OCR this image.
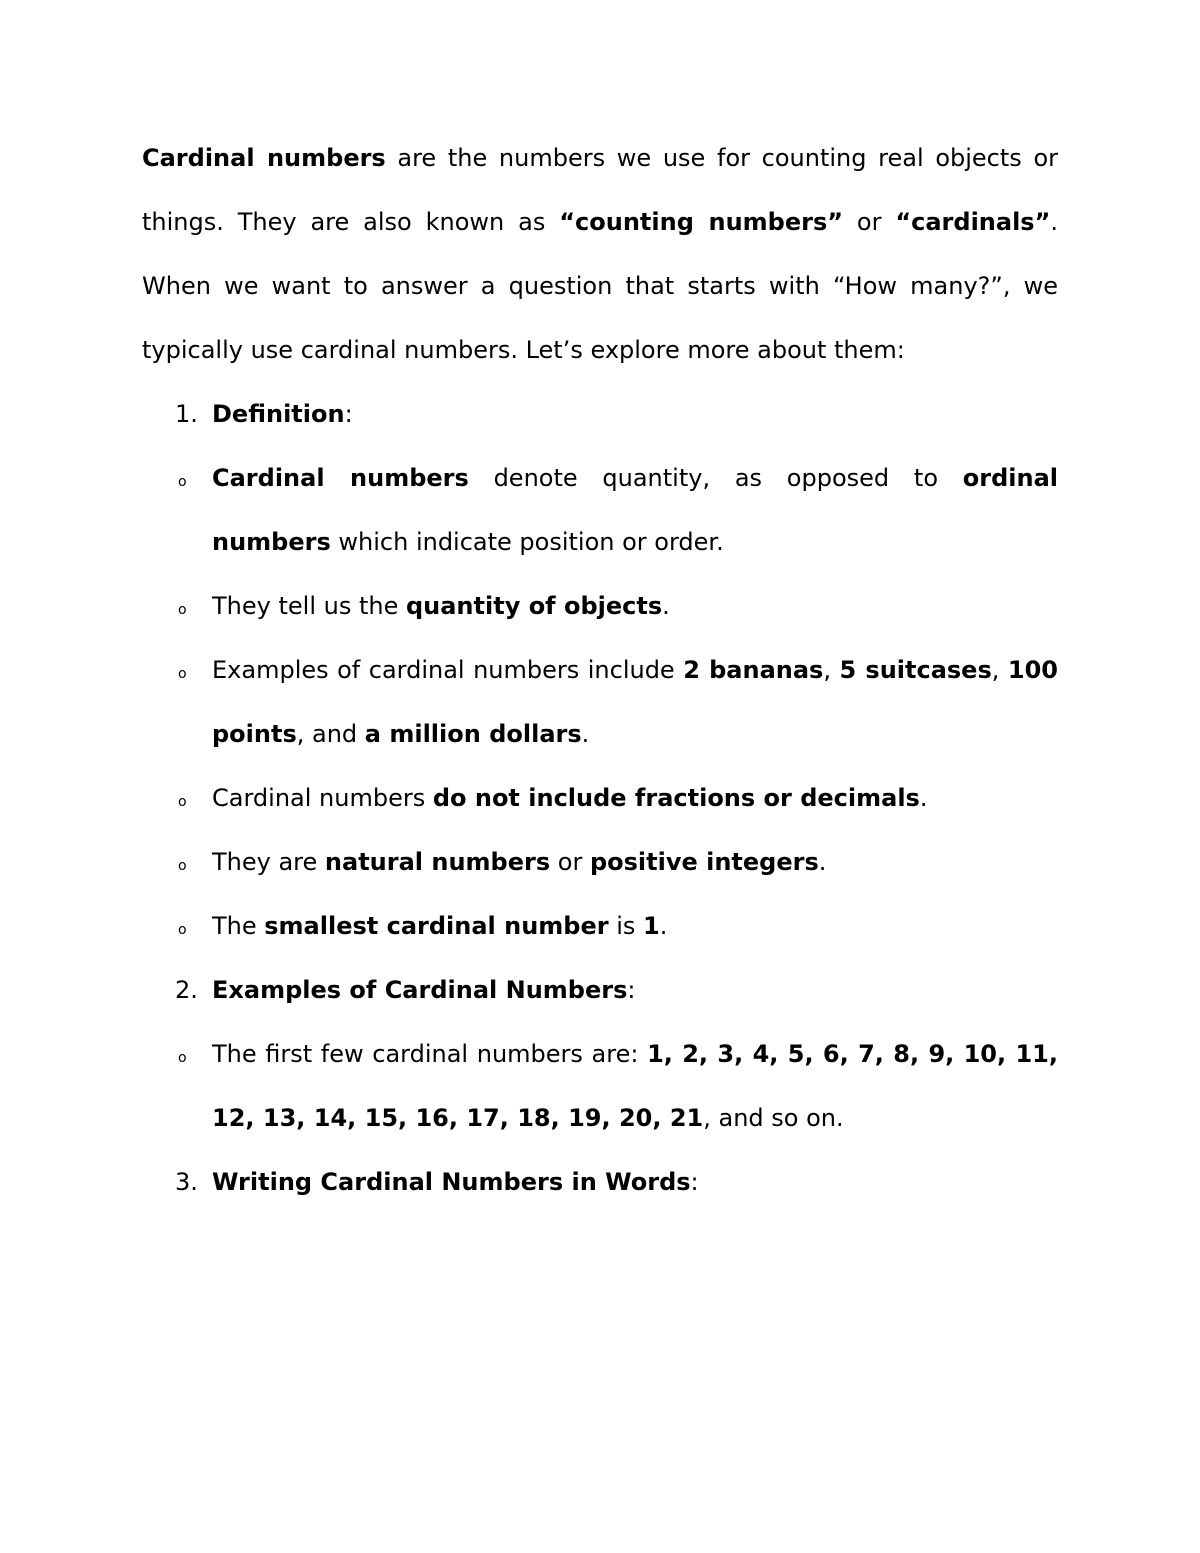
Cardinal numbers are the numbers we use for counting real objects or things. They are also known as “counting numbers” or “cardinals”. When we want to answer a question that starts with “How many?”, we typically use cardinal numbers. Let’s explore more about them:

1. Definition:
o Cardinal numbers denote quantity, as opposed to ordinal numbers which indicate position or order.
o They tell us the quantity of objects.
o Examples of cardinal numbers include 2 bananas, 5 suitcases, 100 points, and a million dollars.
o Cardinal numbers do not include fractions or decimals.
o They are natural numbers or positive integers.
o The smallest cardinal number is 1.
2. Examples of Cardinal Numbers:
o The first few cardinal numbers are: 1, 2, 3, 4, 5, 6, 7, 8, 9, 10, 11, 12, 13, 14, 15, 16, 17, 18, 19, 20, 21, and so on.
3. Writing Cardinal Numbers in Words:
